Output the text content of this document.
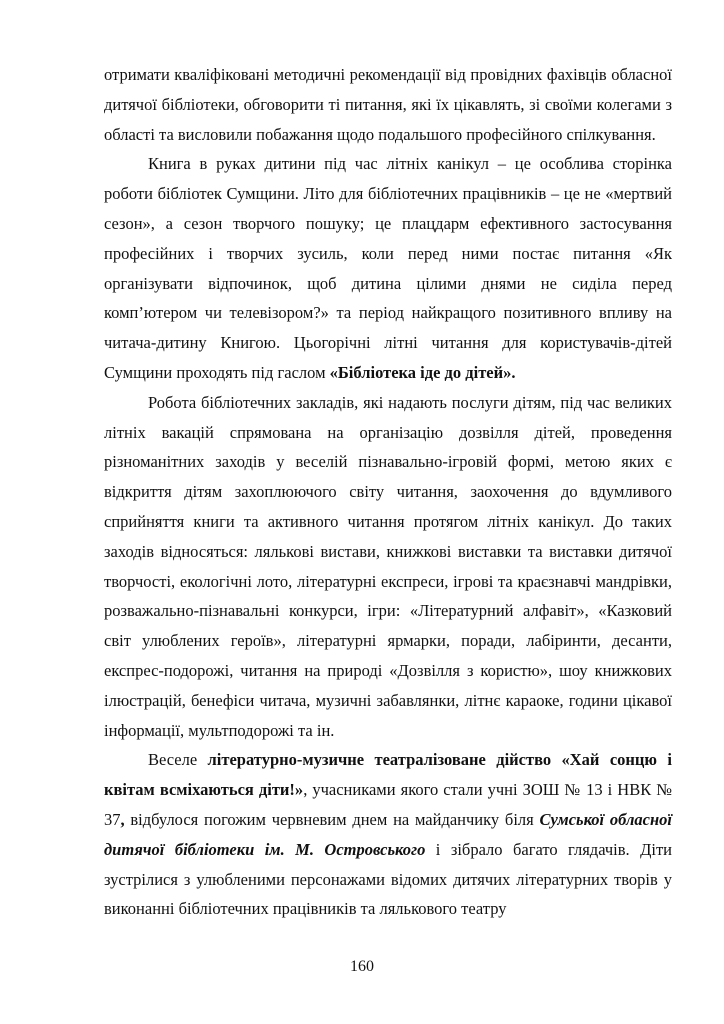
отримати кваліфіковані методичні рекомендації від провідних фахівців обласної дитячої бібліотеки, обговорити ті питання, які їх цікавлять, зі своїми колегами з області та висловили побажання щодо подальшого професійного спілкування.

Книга в руках дитини під час літніх канікул – це особлива сторінка роботи бібліотек Сумщини. Літо для бібліотечних працівників – це не «мертвий сезон», а сезон творчого пошуку; це плацдарм ефективного застосування професійних і творчих зусиль, коли перед ними постає питання «Як організувати відпочинок, щоб дитина цілими днями не сиділа перед комп’ютером чи телевізором?» та період найкращого позитивного впливу на читача-дитину Книгою. Цьогорічні літні читання для користувачів-дітей Сумщини проходять під гаслом «Бібліотека іде до дітей».

Робота бібліотечних закладів, які надають послуги дітям, під час великих літніх вакацій спрямована на організацію дозвілля дітей, проведення різноманітних заходів у веселій пізнавально-ігровій формі, метою яких є відкриття дітям захоплюючого світу читання, заохочення до вдумливого сприйняття книги та активного читання протягом літніх канікул. До таких заходів відносяться: лялькові вистави, книжкові виставки та виставки дитячої творчості, екологічні лото, літературні експреси, ігрові та краєзнавчі мандрівки, розважально-пізнавальні конкурси, ігри: «Літературний алфавіт», «Казковий світ улюблених героїв», літературні ярмарки, поради, лабіринти, десанти, експрес-подорожі, читання на природі «Дозвілля з користю», шоу книжкових ілюстрацій, бенефіси читача, музичні забавлянки, літнє караоке, години цікавої інформації, мультподорожі та ін.

Веселе літературно-музичне театралізоване дійство «Хай сонцю і квітам всміхаються діти!», учасниками якого стали учні ЗОШ № 13 і НВК № 37, відбулося погожим червневим днем на майданчику біля Сумської обласної дитячої бібліотеки ім. М. Островського і зібрало багато глядачів. Діти зустрілися з улюбленими персонажами відомих дитячих літературних творів у виконанні бібліотечних працівників та лялькового театру

160
